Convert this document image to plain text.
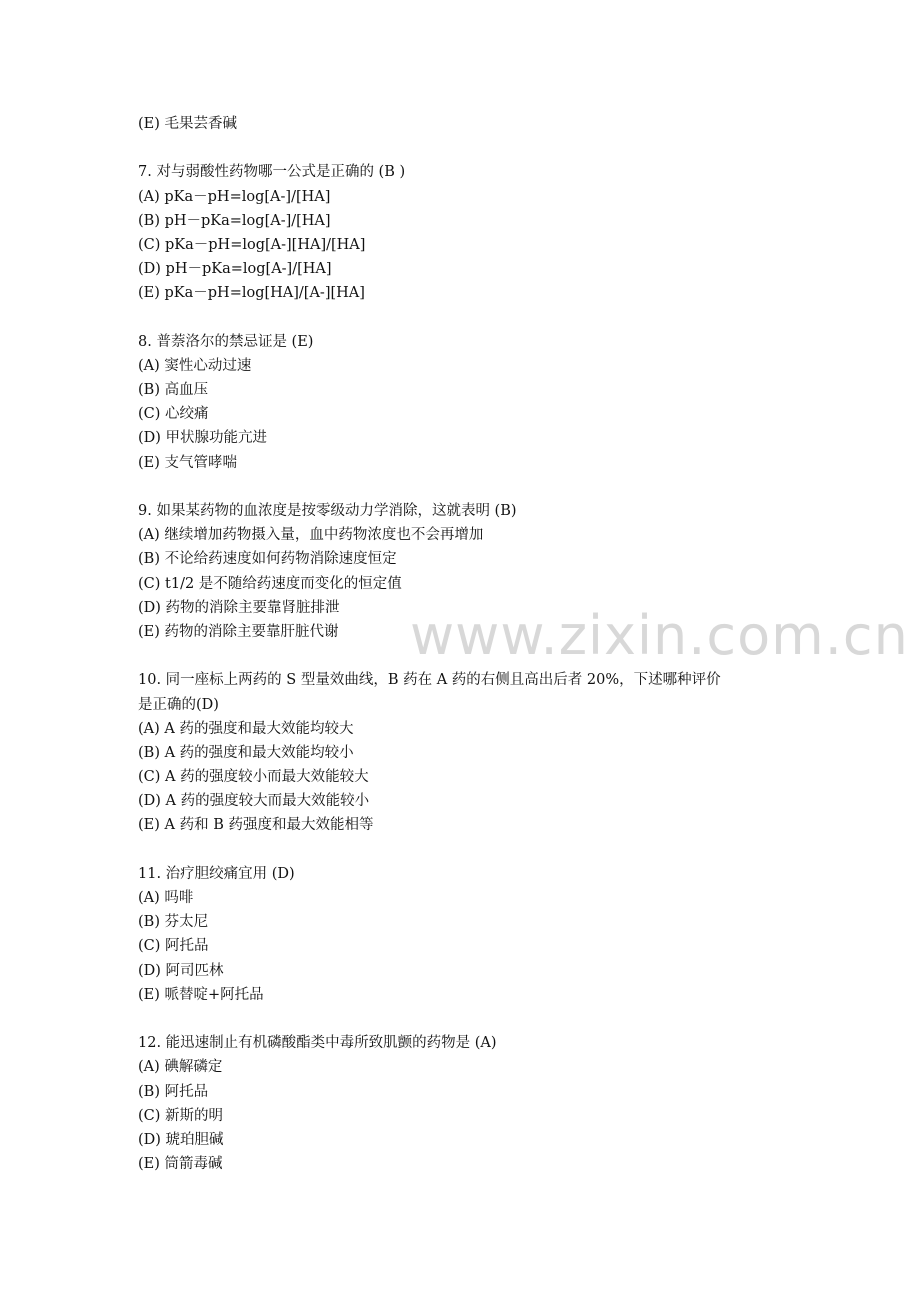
www.zixin.com.cn
(E) 毛果芸香碱
7. 对与弱酸性药物哪一公式是正确的 (B )
(A) pKa－pH=log[A-]/[HA]
(B) pH－pKa=log[A-]/[HA]
(C) pKa－pH=log[A-][HA]/[HA]
(D) pH－pKa=log[A-]/[HA]
(E) pKa－pH=log[HA]/[A-][HA]
8. 普萘洛尔的禁忌证是 (E)
(A) 窦性心动过速
(B) 高血压
(C) 心绞痛
(D) 甲状腺功能亢进
(E) 支气管哮喘
9. 如果某药物的血浓度是按零级动力学消除，这就表明 (B)
(A) 继续增加药物摄入量，血中药物浓度也不会再增加
(B) 不论给药速度如何药物消除速度恒定
(C) t1/2 是不随给药速度而变化的恒定值
(D) 药物的消除主要靠肾脏排泄
(E) 药物的消除主要靠肝脏代谢
10. 同一座标上两药的 S 型量效曲线，B 药在 A 药的右侧且高出后者 20%，下述哪种评价
是正确的(D)
(A) A 药的强度和最大效能均较大
(B) A 药的强度和最大效能均较小
(C) A 药的强度较小而最大效能较大
(D) A 药的强度较大而最大效能较小
(E) A 药和 B 药强度和最大效能相等
11. 治疗胆绞痛宜用 (D)
(A) 吗啡
(B) 芬太尼
(C) 阿托品
(D) 阿司匹林
(E) 哌替啶+阿托品
12. 能迅速制止有机磷酸酯类中毒所致肌颤的药物是 (A)
(A) 碘解磷定
(B) 阿托品
(C) 新斯的明
(D) 琥珀胆碱
(E) 筒箭毒碱
